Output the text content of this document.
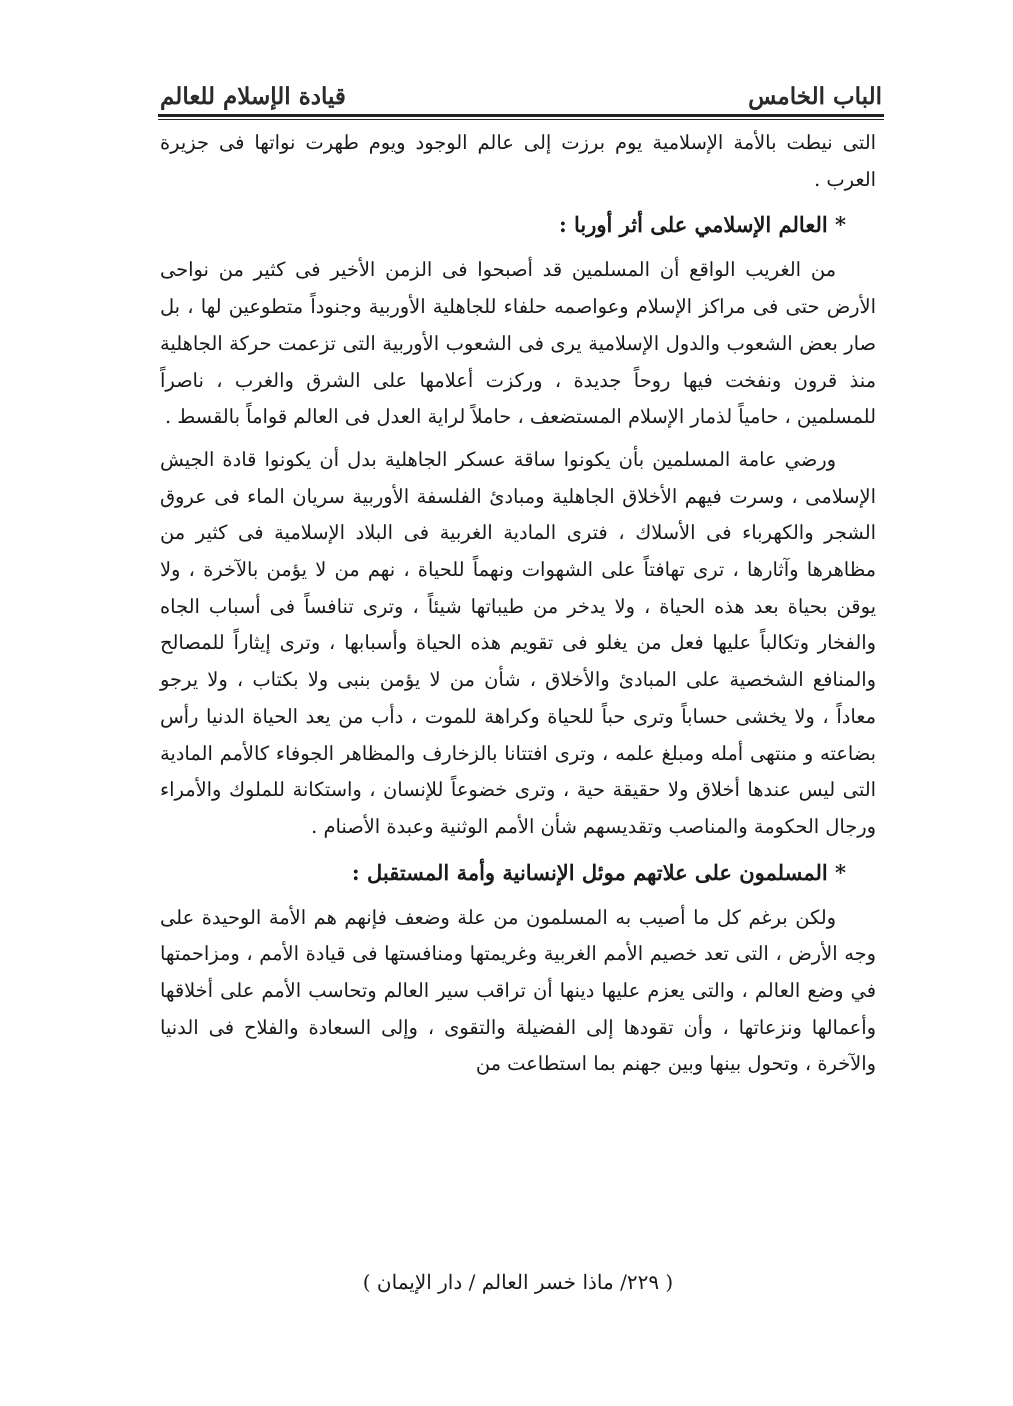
الباب الخامس
قيادة الإسلام للعالم

التى نيطت بالأمة الإسلامية يوم برزت إلى عالم الوجود ويوم طهرت نواتها فى جزيرة العرب .

* العالم الإسلامي على أثر أوربا :

من الغريب الواقع أن المسلمين قد أصبحوا فى الزمن الأخير فى كثير من نواحى الأرض حتى فى مراكز الإسلام وعواصمه حلفاء للجاهلية الأوربية وجنوداً متطوعين لها ، بل صار بعض الشعوب والدول الإسلامية يرى فى الشعوب الأوربية التى تزعمت حركة الجاهلية منذ قرون ونفخت فيها روحاً جديدة ، وركزت أعلامها على الشرق والغرب ، ناصراً للمسلمين ، حامياً لذمار الإسلام المستضعف ، حاملاً لراية العدل فى العالم قواماً بالقسط .

ورضي عامة المسلمين بأن يكونوا ساقة عسكر الجاهلية بدل أن يكونوا قادة الجيش الإسلامى ، وسرت فيهم الأخلاق الجاهلية ومبادئ الفلسفة الأوربية سريان الماء فى عروق الشجر والكهرباء فى الأسلاك ، فترى المادية الغربية فى البلاد الإسلامية فى كثير من مظاهرها وآثارها ، ترى تهافتاً على الشهوات ونهماً للحياة ، نهم من لا يؤمن بالآخرة ، ولا يوقن بحياة بعد هذه الحياة ، ولا يدخر من طيباتها شيئاً ، وترى تنافساً فى أسباب الجاه والفخار وتكالباً عليها فعل من يغلو فى تقويم هذه الحياة وأسبابها ، وترى إيثاراً للمصالح والمنافع الشخصية على المبادئ والأخلاق ، شأن من لا يؤمن بنبى ولا بكتاب ، ولا يرجو معاداً ، ولا يخشى حساباً وترى حباً للحياة وكراهة للموت ، دأب من يعد الحياة الدنيا رأس بضاعته و منتهى أمله ومبلغ علمه ، وترى افتتانا بالزخارف والمظاهر الجوفاء كالأمم المادية التى ليس عندها أخلاق ولا حقيقة حية ، وترى خضوعاً للإنسان ، واستكانة للملوك والأمراء ورجال الحكومة والمناصب وتقديسهم شأن الأمم الوثنية وعبدة الأصنام .

* المسلمون على علاتهم موئل الإنسانية وأمة المستقبل :

ولكن برغم كل ما أصيب به المسلمون من علة وضعف فإنهم هم الأمة الوحيدة على وجه الأرض ، التى تعد خصيم الأمم الغربية وغريمتها ومنافستها فى قيادة الأمم ، ومزاحمتها في وضع العالم ، والتى يعزم عليها دينها أن تراقب سير العالم وتحاسب الأمم على أخلاقها وأعمالها ونزعاتها ، وأن تقودها إلى الفضيلة والتقوى ، وإلى السعادة والفلاح فى الدنيا والآخرة ، وتحول بينها وبين جهنم بما استطاعت من

( ٢٢٩/ ماذا خسر العالم / دار الإيمان )
